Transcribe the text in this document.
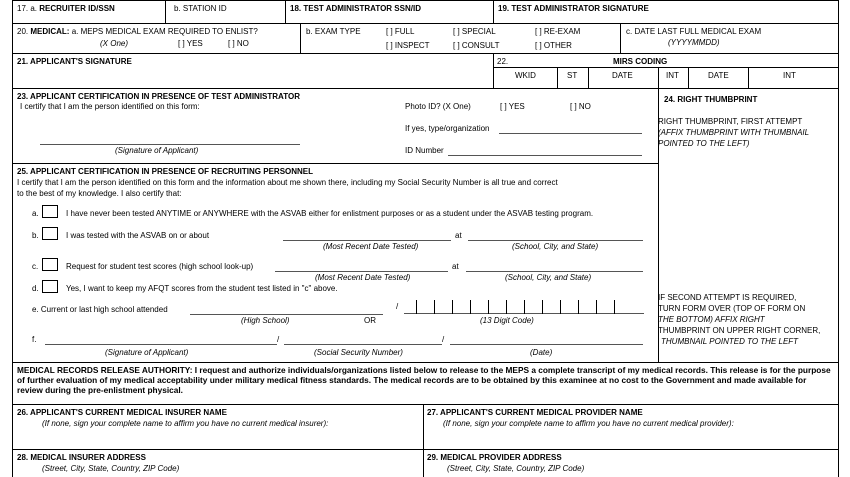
17. a. RECRUITER ID/SSN	b. STATION ID	18. TEST ADMINISTRATOR SSN/ID	19. TEST ADMINISTRATOR SIGNATURE
20. MEDICAL: a. MEPS MEDICAL EXAM REQUIRED TO ENLIST?
(X One)	[ ] YES	[ ] NO
b. EXAM TYPE	[ ] FULL	[ ] SPECIAL	[ ] RE-EXAM
[ ] INSPECT	[ ] CONSULT	[ ] OTHER
c. DATE LAST FULL MEDICAL EXAM
(YYYYMMDD)
21. APPLICANT'S SIGNATURE	22.	MIRS CODING
WKID	ST	DATE	INT	DATE	INT
23. APPLICANT CERTIFICATION IN PRESENCE OF TEST ADMINISTRATOR
I certify that I am the person identified on this form:	Photo ID? (X One)	[ ] YES	[ ] NO
If yes, type/organization
(Signature of Applicant)	ID Number
24. RIGHT THUMBPRINT
RIGHT THUMBPRINT, FIRST ATTEMPT
(AFFIX THUMBPRINT WITH THUMBNAIL
POINTED TO THE LEFT)
IF SECOND ATTEMPT IS REQUIRED,
TURN FORM OVER (TOP OF FORM ON
THE BOTTOM) AFFIX RIGHT
THUMBPRINT ON UPPER RIGHT CORNER,
THUMBNAIL POINTED TO THE LEFT
25. APPLICANT CERTIFICATION IN PRESENCE OF RECRUITING PERSONNEL
I certify that I am the person identified on this form and the information about me shown there, including my Social Security Number is all true and correct
to the best of my knowledge. I also certify that:
a.	I have never been tested ANYTIME or ANYWHERE with the ASVAB either for enlistment purposes or as a student under the ASVAB testing program.
b.	I was tested with the ASVAB on or about	at
(Most Recent Date Tested)	(School, City, and State)
c.	Request for student test scores (high school look-up)	at
(Most Recent Date Tested)	(School, City, and State)
d.	Yes, I want to keep my AFQT scores from the student test listed in "c" above.
e. Current or last high school attended	/
(High School)	OR	(13 Digit Code)
f.	/	/
(Signature of Applicant)	(Social Security Number)	(Date)
MEDICAL RECORDS RELEASE AUTHORITY: I request and authorize individuals/organizations listed below to release to the MEPS a complete transcript of my medical records. This release is for the purpose of further evaluation of my medical acceptability under military medical fitness standards. The medical records are to be obtained by this examinee at no cost to the Government and made available for review during the pre-enlistment physical.
26. APPLICANT'S CURRENT MEDICAL INSURER NAME
(If none, sign your complete name to affirm you have no current medical insurer):
27. APPLICANT'S CURRENT MEDICAL PROVIDER NAME
(If none, sign your complete name to affirm you have no current medical provider):
28. MEDICAL INSURER ADDRESS
(Street, City, State, Country, ZIP Code)
29. MEDICAL PROVIDER ADDRESS
(Street, City, State, Country, ZIP Code)
